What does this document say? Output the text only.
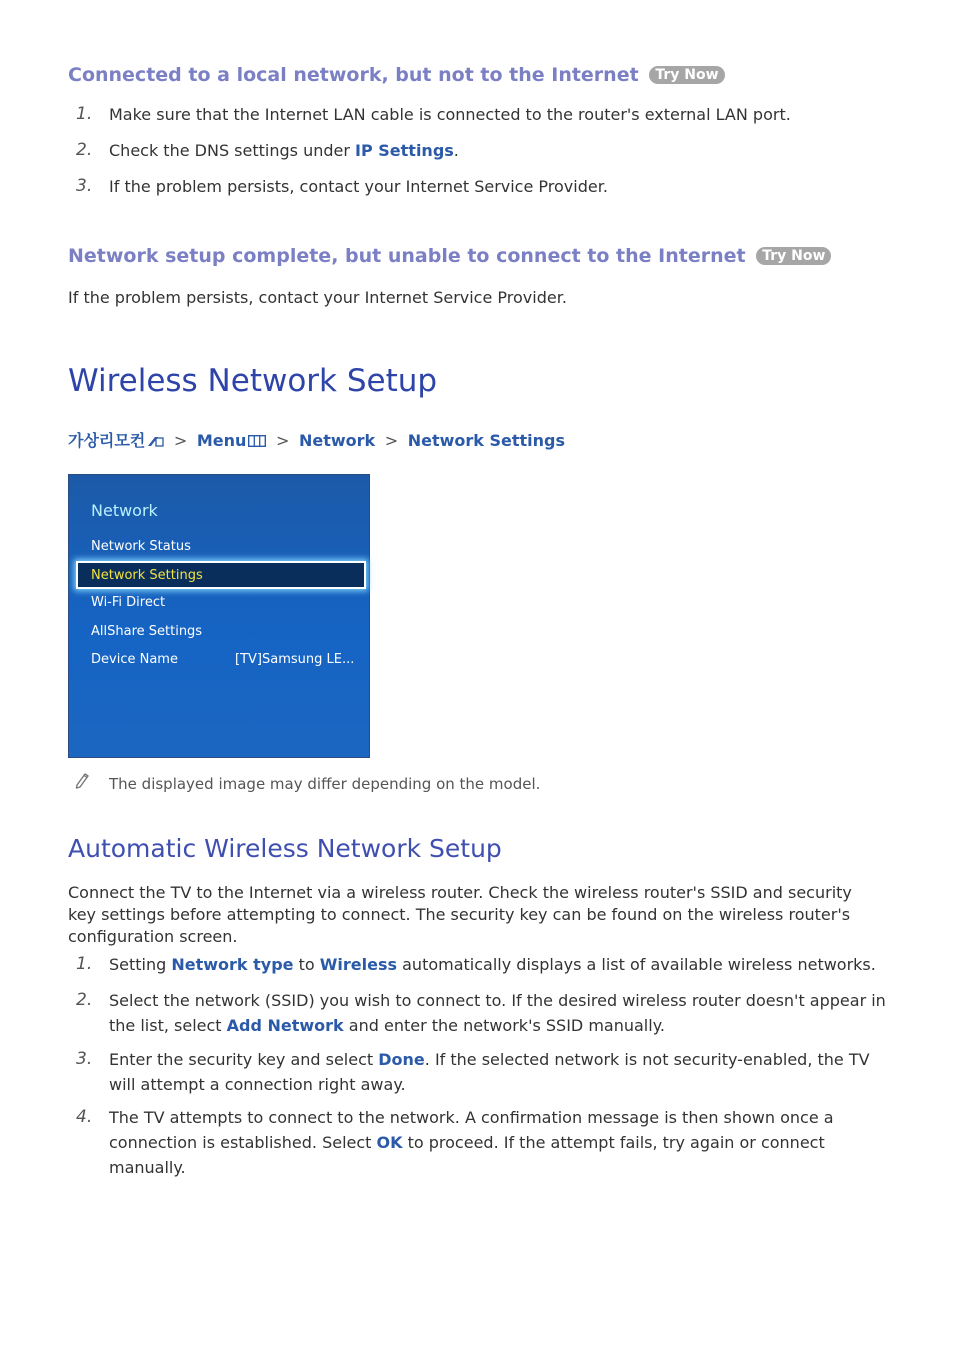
Connected to a local network, but not to the Internet Try Now
1. Make sure that the Internet LAN cable is connected to the router's external LAN port.
2. Check the DNS settings under IP Settings.
3. If the problem persists, contact your Internet Service Provider.
Network setup complete, but unable to connect to the Internet Try Now
If the problem persists, contact your Internet Service Provider.
Wireless Network Setup
가상리모컨 > Menu > Network > Network Settings
Network
Network Status
Network Settings
Wi-Fi Direct
AllShare Settings
Device Name	[TV]Samsung LE...
The displayed image may differ depending on the model.
Automatic Wireless Network Setup
Connect the TV to the Internet via a wireless router. Check the wireless router's SSID and security key settings before attempting to connect. The security key can be found on the wireless router's configuration screen.
1. Setting Network type to Wireless automatically displays a list of available wireless networks.
2. Select the network (SSID) you wish to connect to. If the desired wireless router doesn't appear in the list, select Add Network and enter the network's SSID manually.
3. Enter the security key and select Done. If the selected network is not security-enabled, the TV will attempt a connection right away.
4. The TV attempts to connect to the network. A confirmation message is then shown once a connection is established. Select OK to proceed. If the attempt fails, try again or connect manually.
